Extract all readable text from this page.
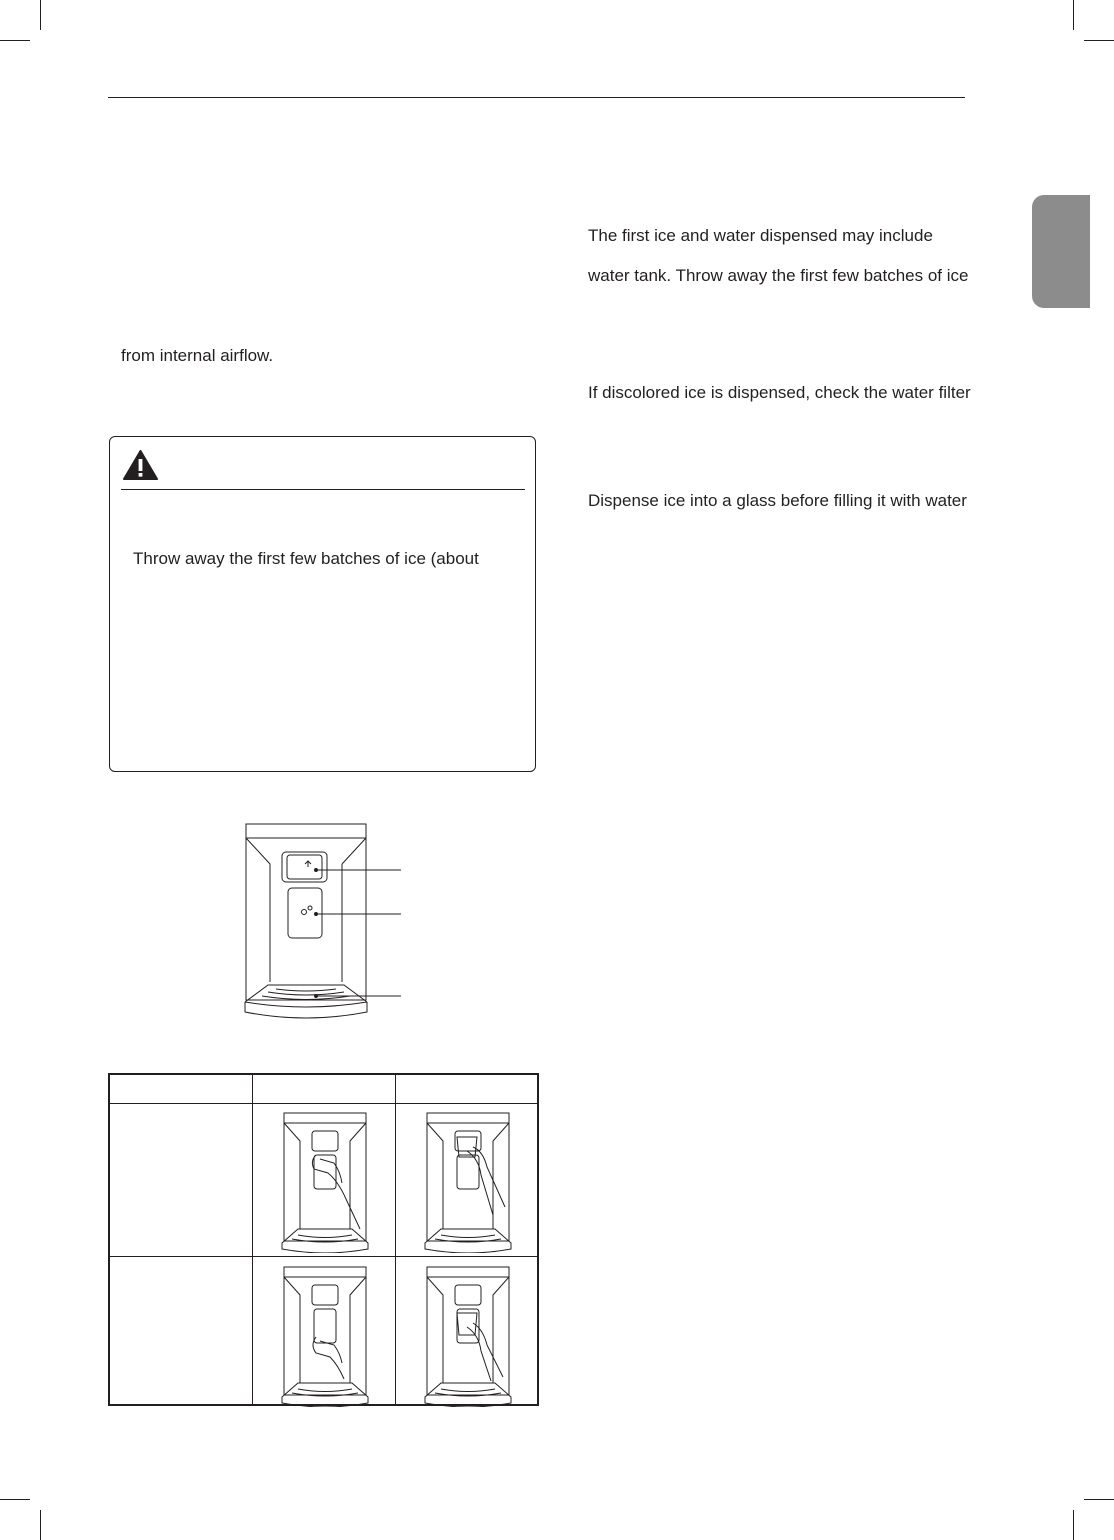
from internal airflow.
Throw away the first few batches of ice (about
The first ice and water dispensed may include
water tank. Throw away the first few batches of ice
If discolored ice is dispensed, check the water filter
Dispense ice into a glass before filling it with water
